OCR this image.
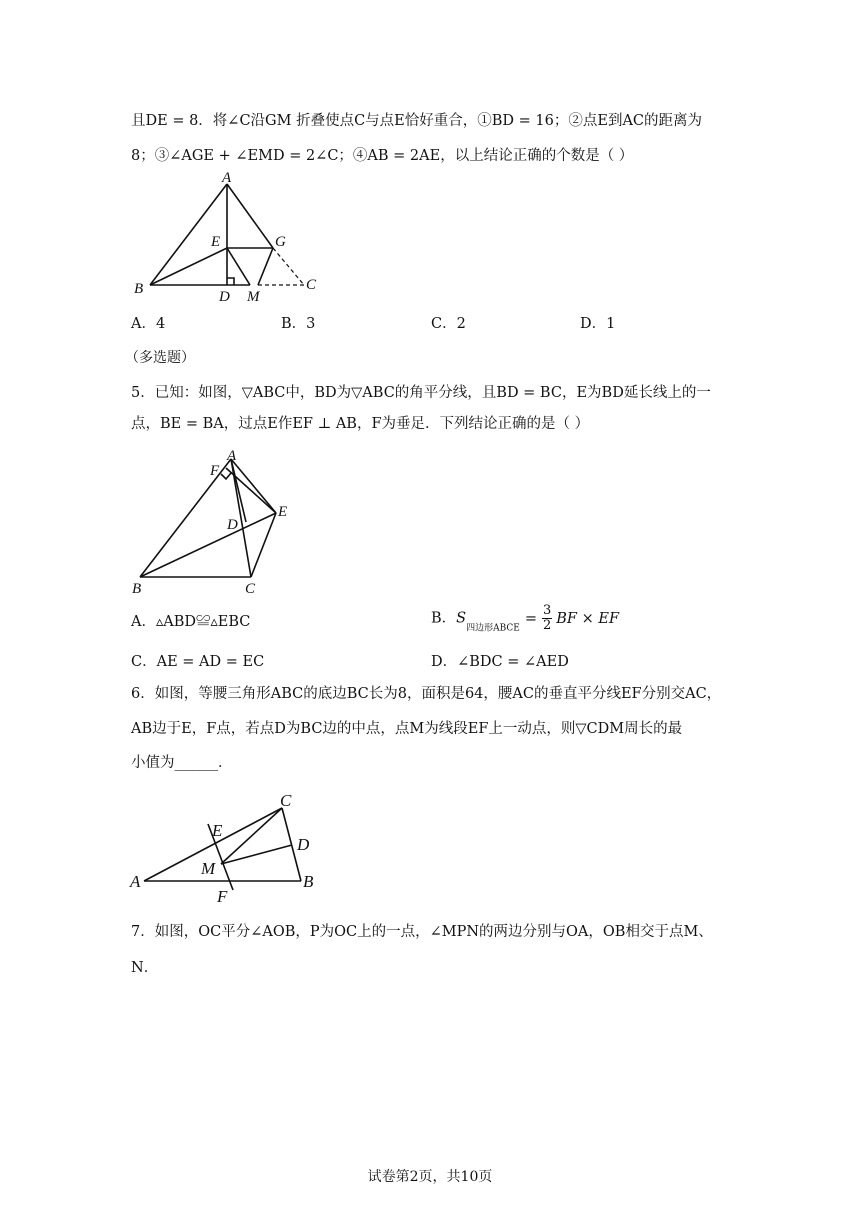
且DE = 8．将∠C沿GM 折叠使点C与点E恰好重合，①BD = 16；②点E到AC的距离为
8；③∠AGE + ∠EMD = 2∠C；④AB = 2AE，以上结论正确的个数是（ ）
A
E	G
B	D M
C
A．4	B．3	C．2	D．1
（多选题）
5．已知：如图，▽ABC中，BD为▽ABC的角平分线，且BD = BC，E为BD延长线上的一
点，BE = BA，过点E作EF ⊥ AB，F为垂足．下列结论正确的是（ ）
A
F
E
D
B	C
A．▵ABD≌▵EBC	B．$S_{四边形ABCE}= \frac{3}{2}$ BF × EF
C．AE = AD = EC	D．∠BDC = ∠AED
6．如图，等腰三角形ABC的底边BC长为8，面积是64，腰AC的垂直平分线EF分别交AC，
AB边于E，F点，若点D为BC边的中点，点M为线段EF上一动点，则▽CDM周长的最
小值为______．
C
E
D
M
A	B
F
7．如图，OC平分∠AOB，P为OC上的一点，∠MPN的两边分别与OA，OB相交于点M、
N．
试卷第2页，共10页
